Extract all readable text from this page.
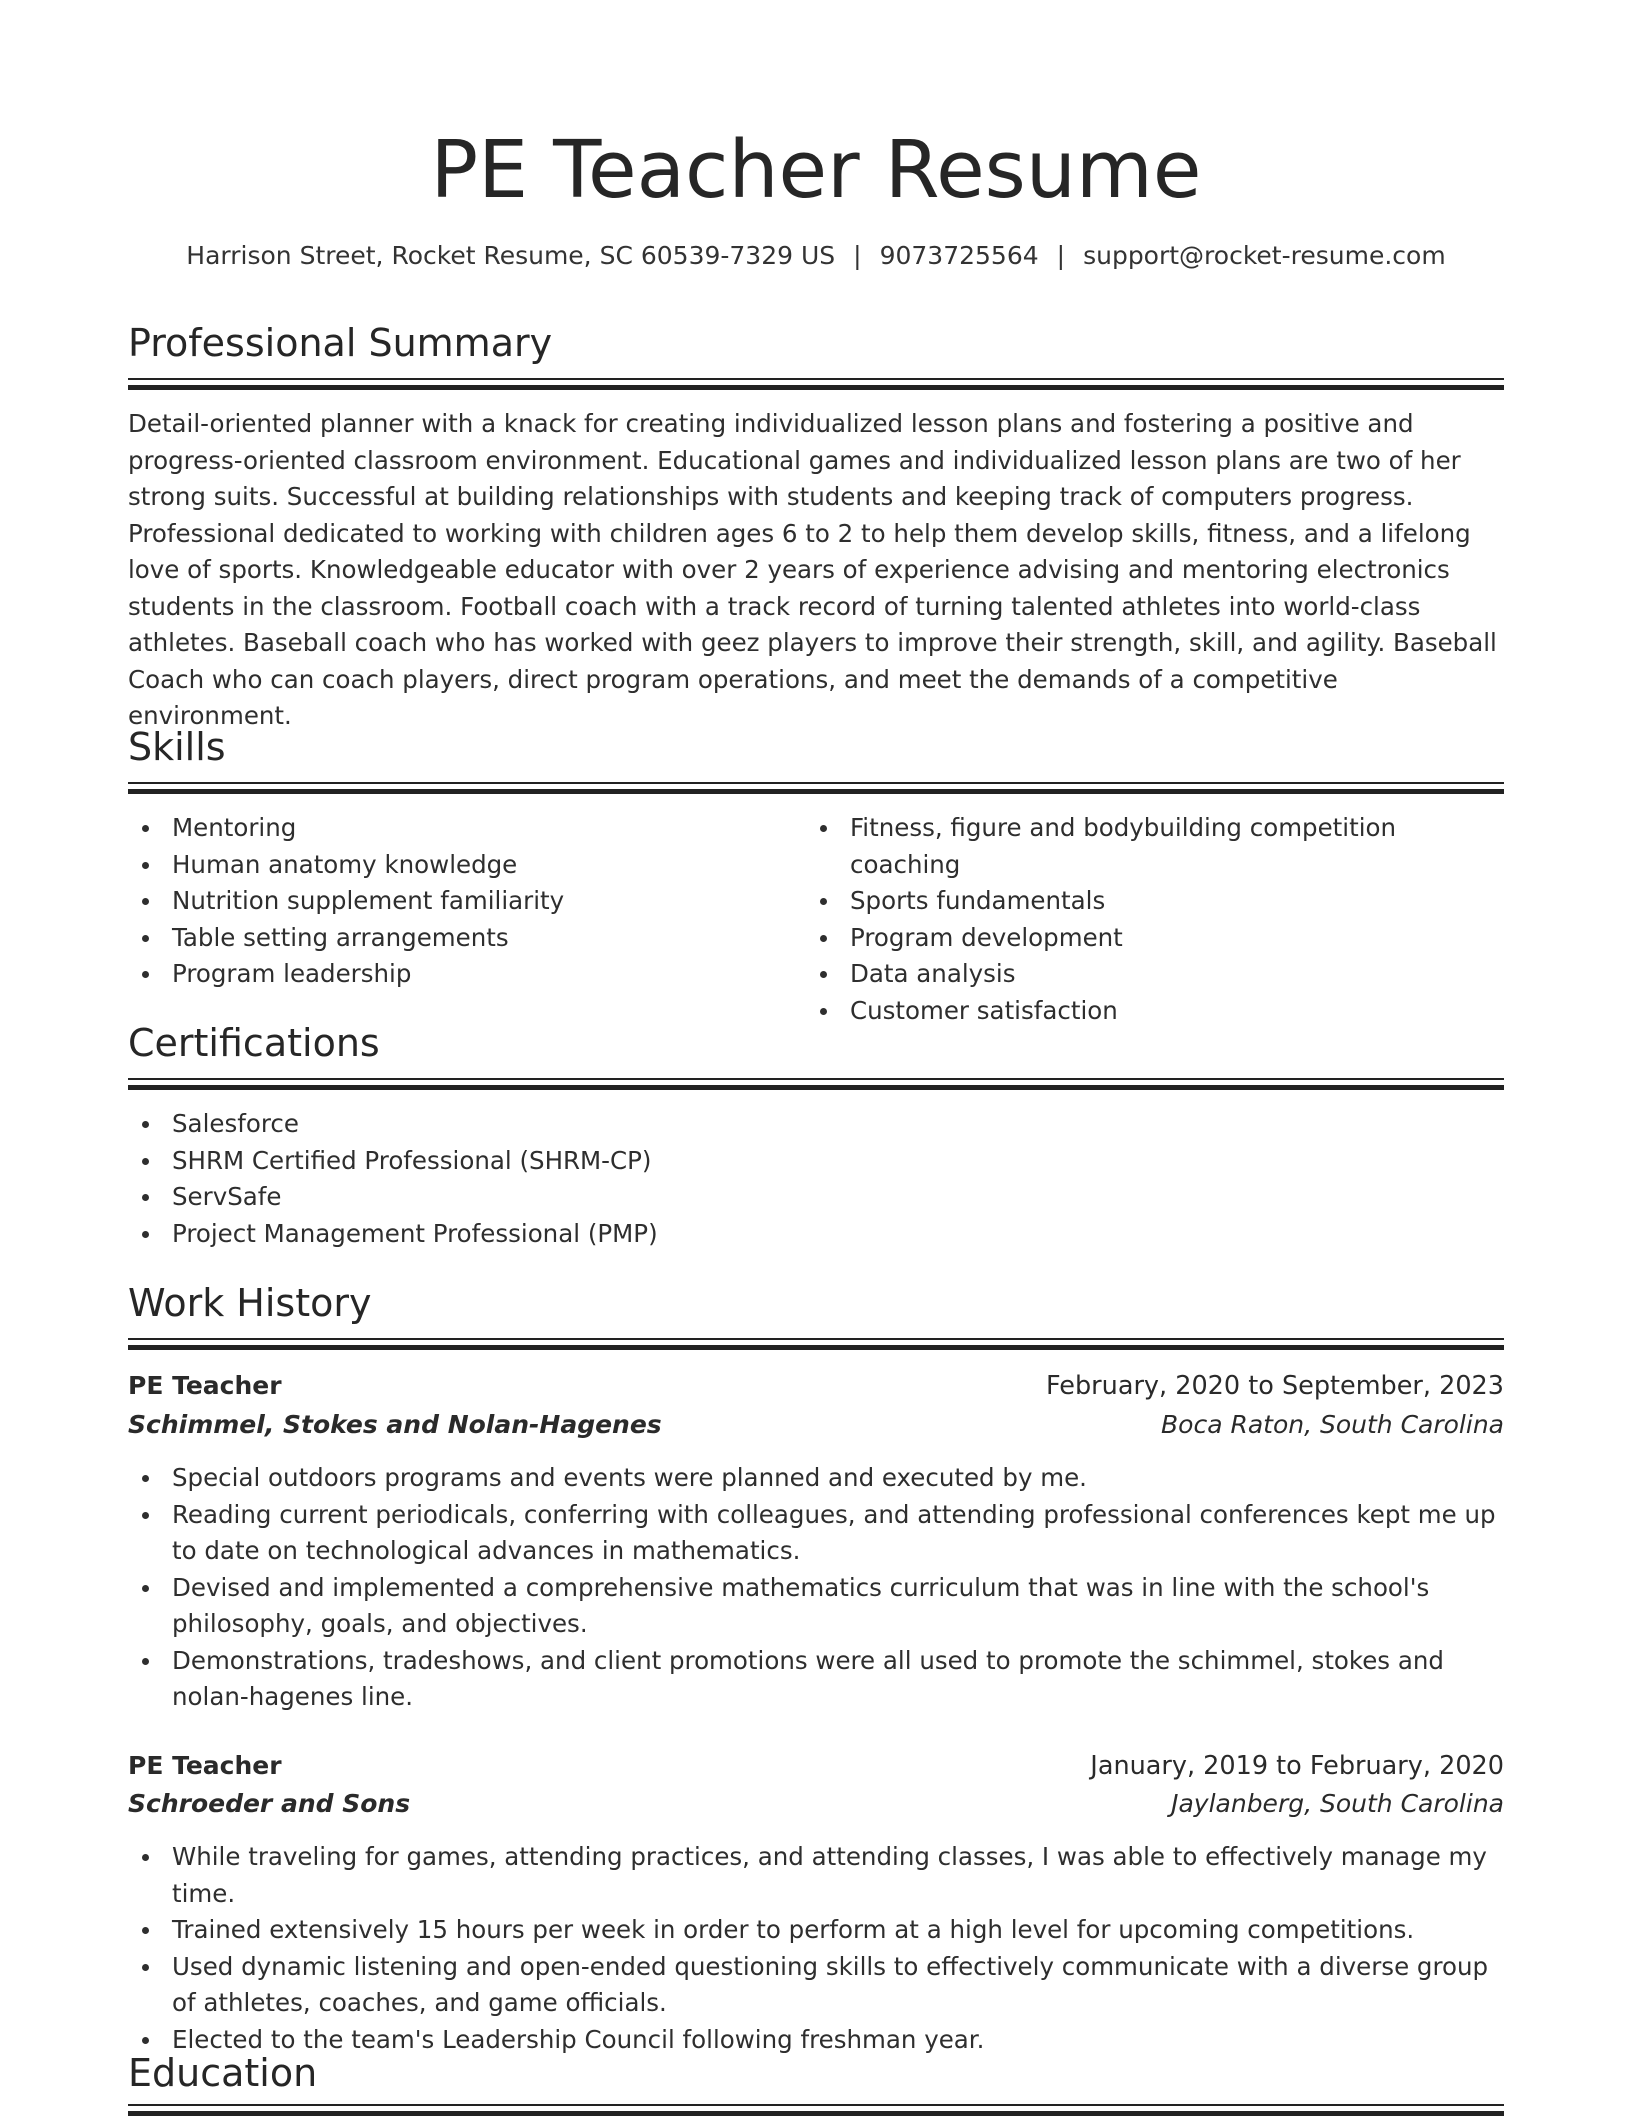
PE Teacher Resume
Harrison Street, Rocket Resume, SC 60539-7329 US | 9073725564 | support@rocket-resume.com
Professional Summary

Detail-oriented planner with a knack for creating individualized lesson plans and fostering a positive and progress-oriented classroom environment. Educational games and individualized lesson plans are two of her strong suits. Successful at building relationships with students and keeping track of computers progress. Professional dedicated to working with children ages 6 to 2 to help them develop skills, fitness, and a lifelong love of sports. Knowledgeable educator with over 2 years of experience advising and mentoring electronics students in the classroom. Football coach with a track record of turning talented athletes into world-class athletes. Baseball coach who has worked with geez players to improve their strength, skill, and agility. Baseball Coach who can coach players, direct program operations, and meet the demands of a competitive environment.

Skills
Mentoring
Human anatomy knowledge
Nutrition supplement familiarity
Table setting arrangements
Program leadership
Fitness, figure and bodybuilding competition coaching
Sports fundamentals
Program development
Data analysis
Customer satisfaction
Certifications
Salesforce
SHRM Certified Professional (SHRM-CP)
ServSafe
Project Management Professional (PMP)
Work History
PE Teacher	February, 2020 to September, 2023
Schimmel, Stokes and Nolan-Hagenes	Boca Raton, South Carolina
Special outdoors programs and events were planned and executed by me.
Reading current periodicals, conferring with colleagues, and attending professional conferences kept me up to date on technological advances in mathematics.
Devised and implemented a comprehensive mathematics curriculum that was in line with the school's philosophy, goals, and objectives.
Demonstrations, tradeshows, and client promotions were all used to promote the schimmel, stokes and nolan-hagenes line.
PE Teacher	January, 2019 to February, 2020
Schroeder and Sons	Jaylanberg, South Carolina
While traveling for games, attending practices, and attending classes, I was able to effectively manage my time.
Trained extensively 15 hours per week in order to perform at a high level for upcoming competitions.
Used dynamic listening and open-ended questioning skills to effectively communicate with a diverse group of athletes, coaches, and game officials.
Elected to the team's Leadership Council following freshman year.
Education
